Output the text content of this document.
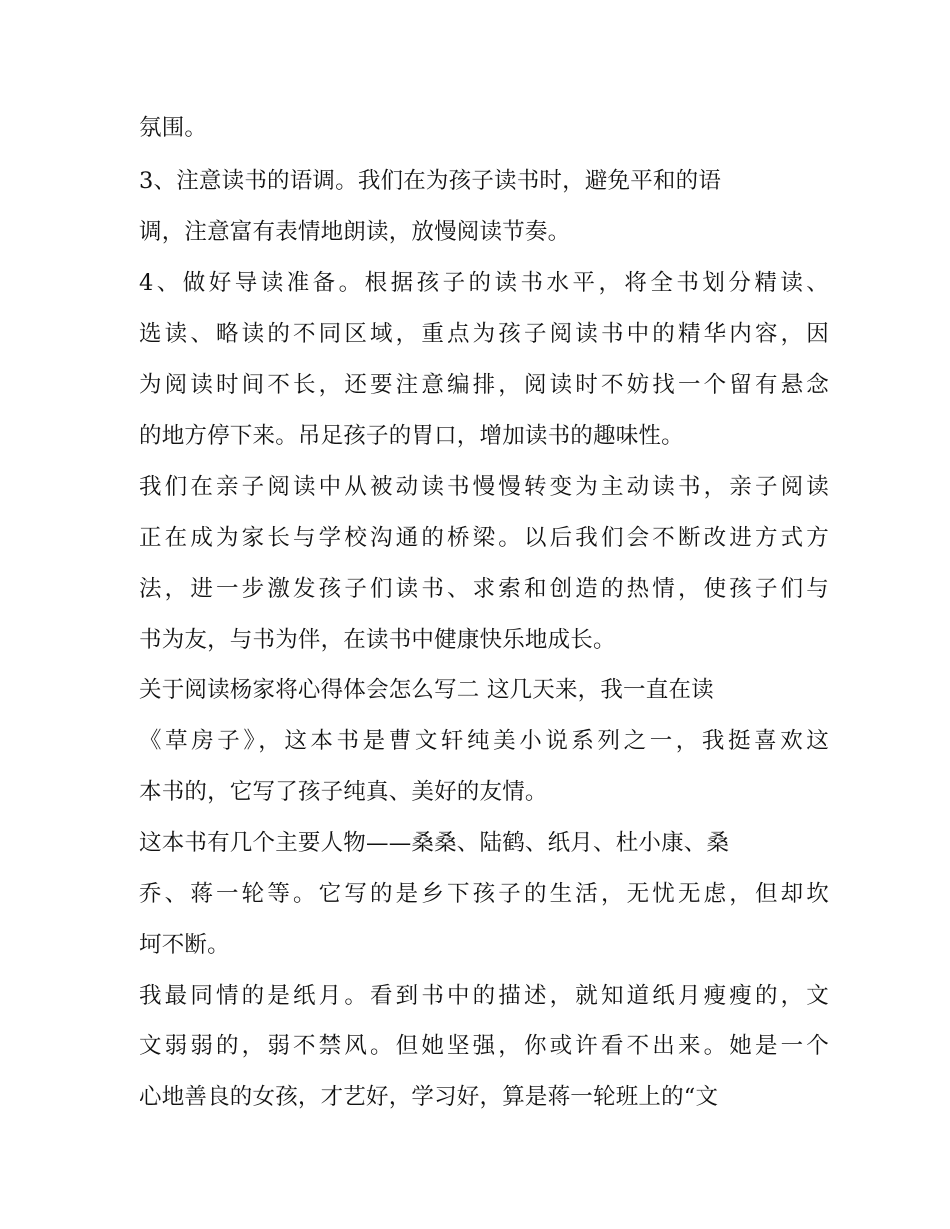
氛围。
3、注意读书的语调。我们在为孩子读书时，避免平和的语
调，注意富有表情地朗读，放慢阅读节奏。
4、做好导读准备。根据孩子的读书水平，将全书划分精读、
选读、略读的不同区域，重点为孩子阅读书中的精华内容，因
为阅读时间不长，还要注意编排，阅读时不妨找一个留有悬念
的地方停下来。吊足孩子的胃口，增加读书的趣味性。
我们在亲子阅读中从被动读书慢慢转变为主动读书，亲子阅读
正在成为家长与学校沟通的桥梁。以后我们会不断改进方式方
法，进一步激发孩子们读书、求索和创造的热情，使孩子们与
书为友，与书为伴，在读书中健康快乐地成长。
关于阅读杨家将心得体会怎么写二 这几天来，我一直在读
《草房子》，这本书是曹文轩纯美小说系列之一，我挺喜欢这
本书的，它写了孩子纯真、美好的友情。
这本书有几个主要人物——桑桑、陆鹤、纸月、杜小康、桑
乔、蒋一轮等。它写的是乡下孩子的生活，无忧无虑，但却坎
坷不断。
我最同情的是纸月。看到书中的描述，就知道纸月瘦瘦的，文
文弱弱的，弱不禁风。但她坚强，你或许看不出来。她是一个
心地善良的女孩，才艺好，学习好，算是蒋一轮班上的“文
